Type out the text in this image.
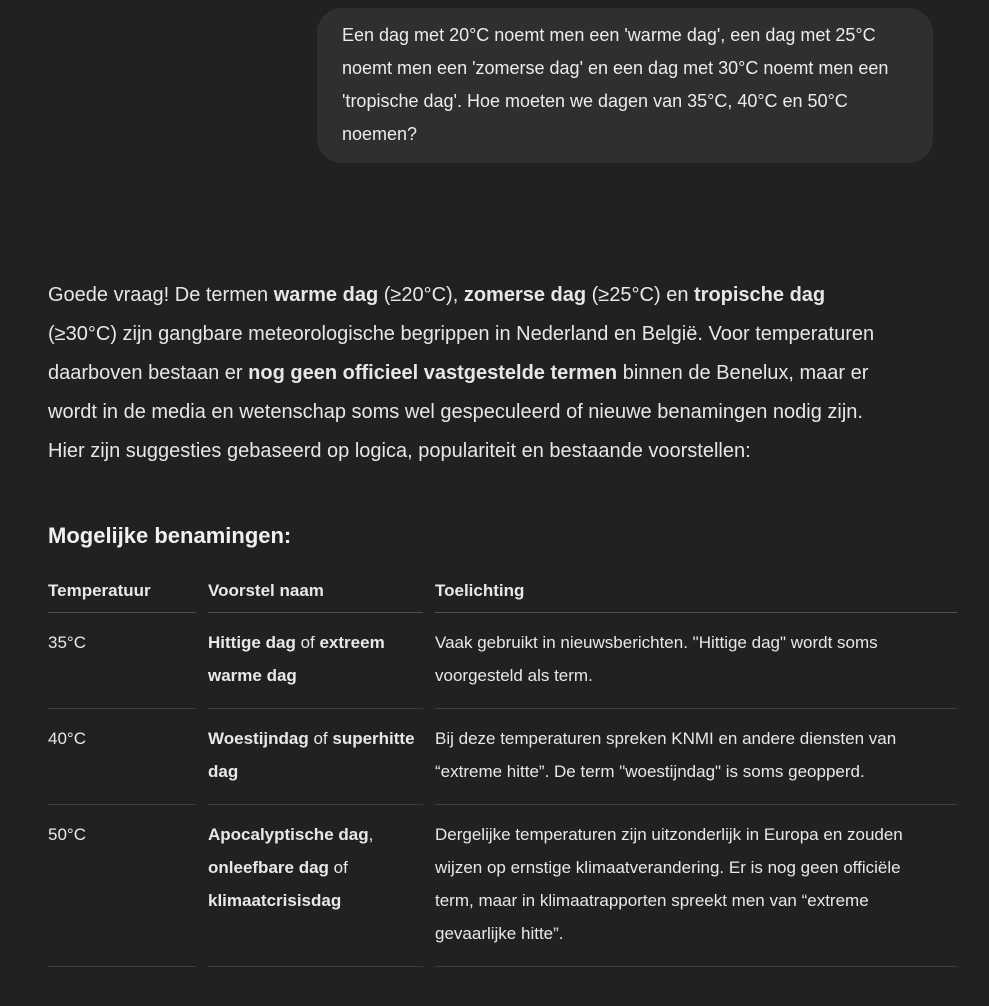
Een dag met 20°C noemt men een 'warme dag', een dag met 25°C noemt men een 'zomerse dag' en een dag met 30°C noemt men een 'tropische dag'. Hoe moeten we dagen van 35°C, 40°C en 50°C noemen?

Goede vraag! De termen warme dag (≥20°C), zomerse dag (≥25°C) en tropische dag (≥30°C) zijn gangbare meteorologische begrippen in Nederland en België. Voor temperaturen daarboven bestaan er nog geen officieel vastgestelde termen binnen de Benelux, maar er wordt in de media en wetenschap soms wel gespeculeerd of nieuwe benamingen nodig zijn. Hier zijn suggesties gebaseerd op logica, populariteit en bestaande voorstellen:

Mogelijke benamingen:
Temperatuur	Voorstel naam	Toelichting
35°C	Hittige dag of extreem warme dag	Vaak gebruikt in nieuwsberichten. "Hittige dag" wordt soms voorgesteld als term.
40°C	Woestijndag of superhitte dag	Bij deze temperaturen spreken KNMI en andere diensten van “extreme hitte”. De term "woestijndag" is soms geopperd.
50°C	Apocalyptische dag, onleefbare dag of klimaatcrisisdag	Dergelijke temperaturen zijn uitzonderlijk in Europa en zouden wijzen op ernstige klimaatverandering. Er is nog geen officiële term, maar in klimaatrapporten spreekt men van “extreme gevaarlijke hitte”.
